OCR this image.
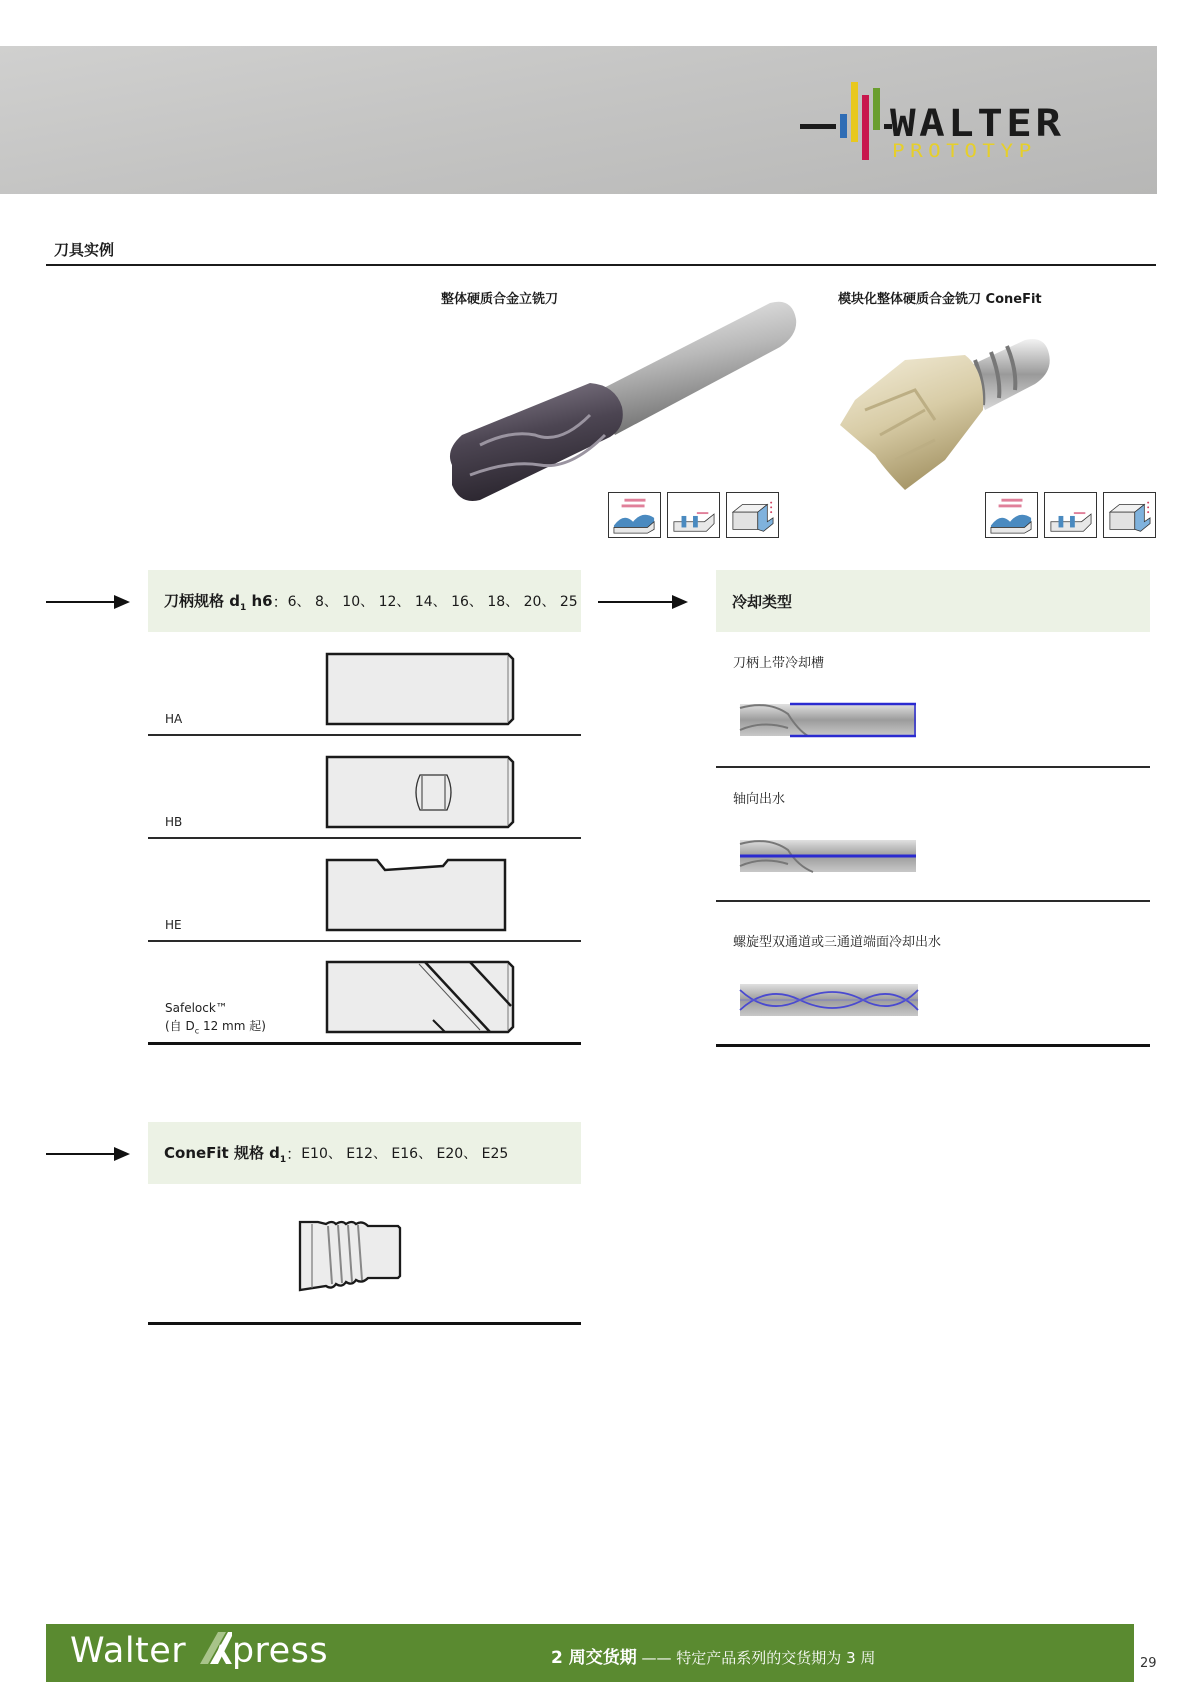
WALTER
PROTOTYP
刀具实例
整体硬质合金立铣刀	模块化整体硬质合金铣刀 ConeFit
刀柄规格 $d_1$ h6 ： 6、 8、 10、 12、 14、 16、 18、 20、 25
HA
HB
HE
Safelock™
(自 $D_c$ 12 mm 起)
冷却类型
刀柄上带冷却槽
轴向出水
螺旋型双通道或三通道端面冷却出水
ConeFit 规格 $d_1$ ： E10、 E12、 E16、 E20、 E25
Walter press	2 周交货期 —— 特定产品系列的交货期为 3 周	29
